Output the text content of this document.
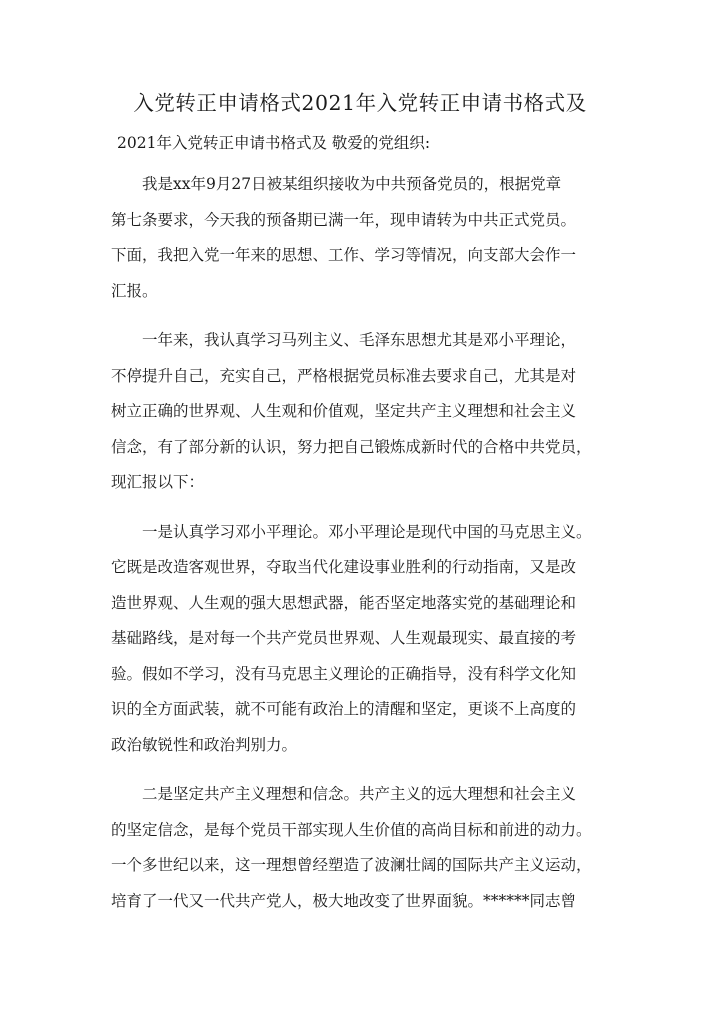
入党转正申请格式2021年入党转正申请书格式及
2021年入党转正申请书格式及 敬爱的党组织:

　　我是xx年9月27日被某组织接收为中共预备党员的，根据党章
第七条要求，今天我的预备期已满一年，现申请转为中共正式党员。
下面，我把入党一年来的思想、工作、学习等情况，向支部大会作一
汇报。

　　一年来，我认真学习马列主义、毛泽东思想尤其是邓小平理论，
不停提升自己，充实自己，严格根据党员标准去要求自己，尤其是对
树立正确的世界观、人生观和价值观，坚定共产主义理想和社会主义
信念，有了部分新的认识，努力把自己锻炼成新时代的合格中共党员，
现汇报以下：

　　一是认真学习邓小平理论。邓小平理论是现代中国的马克思主义。
它既是改造客观世界，夺取当代化建设事业胜利的行动指南，又是改
造世界观、人生观的强大思想武器，能否坚定地落实党的基础理论和
基础路线，是对每一个共产党员世界观、人生观最现实、最直接的考
验。假如不学习，没有马克思主义理论的正确指导，没有科学文化知
识的全方面武装，就不可能有政治上的清醒和坚定，更谈不上高度的
政治敏锐性和政治判别力。

　　二是坚定共产主义理想和信念。共产主义的远大理想和社会主义
的坚定信念，是每个党员干部实现人生价值的高尚目标和前进的动力。
一个多世纪以来，这一理想曾经塑造了波澜壮阔的国际共产主义运动，
培育了一代又一代共产党人，极大地改变了世界面貌。******同志曾
